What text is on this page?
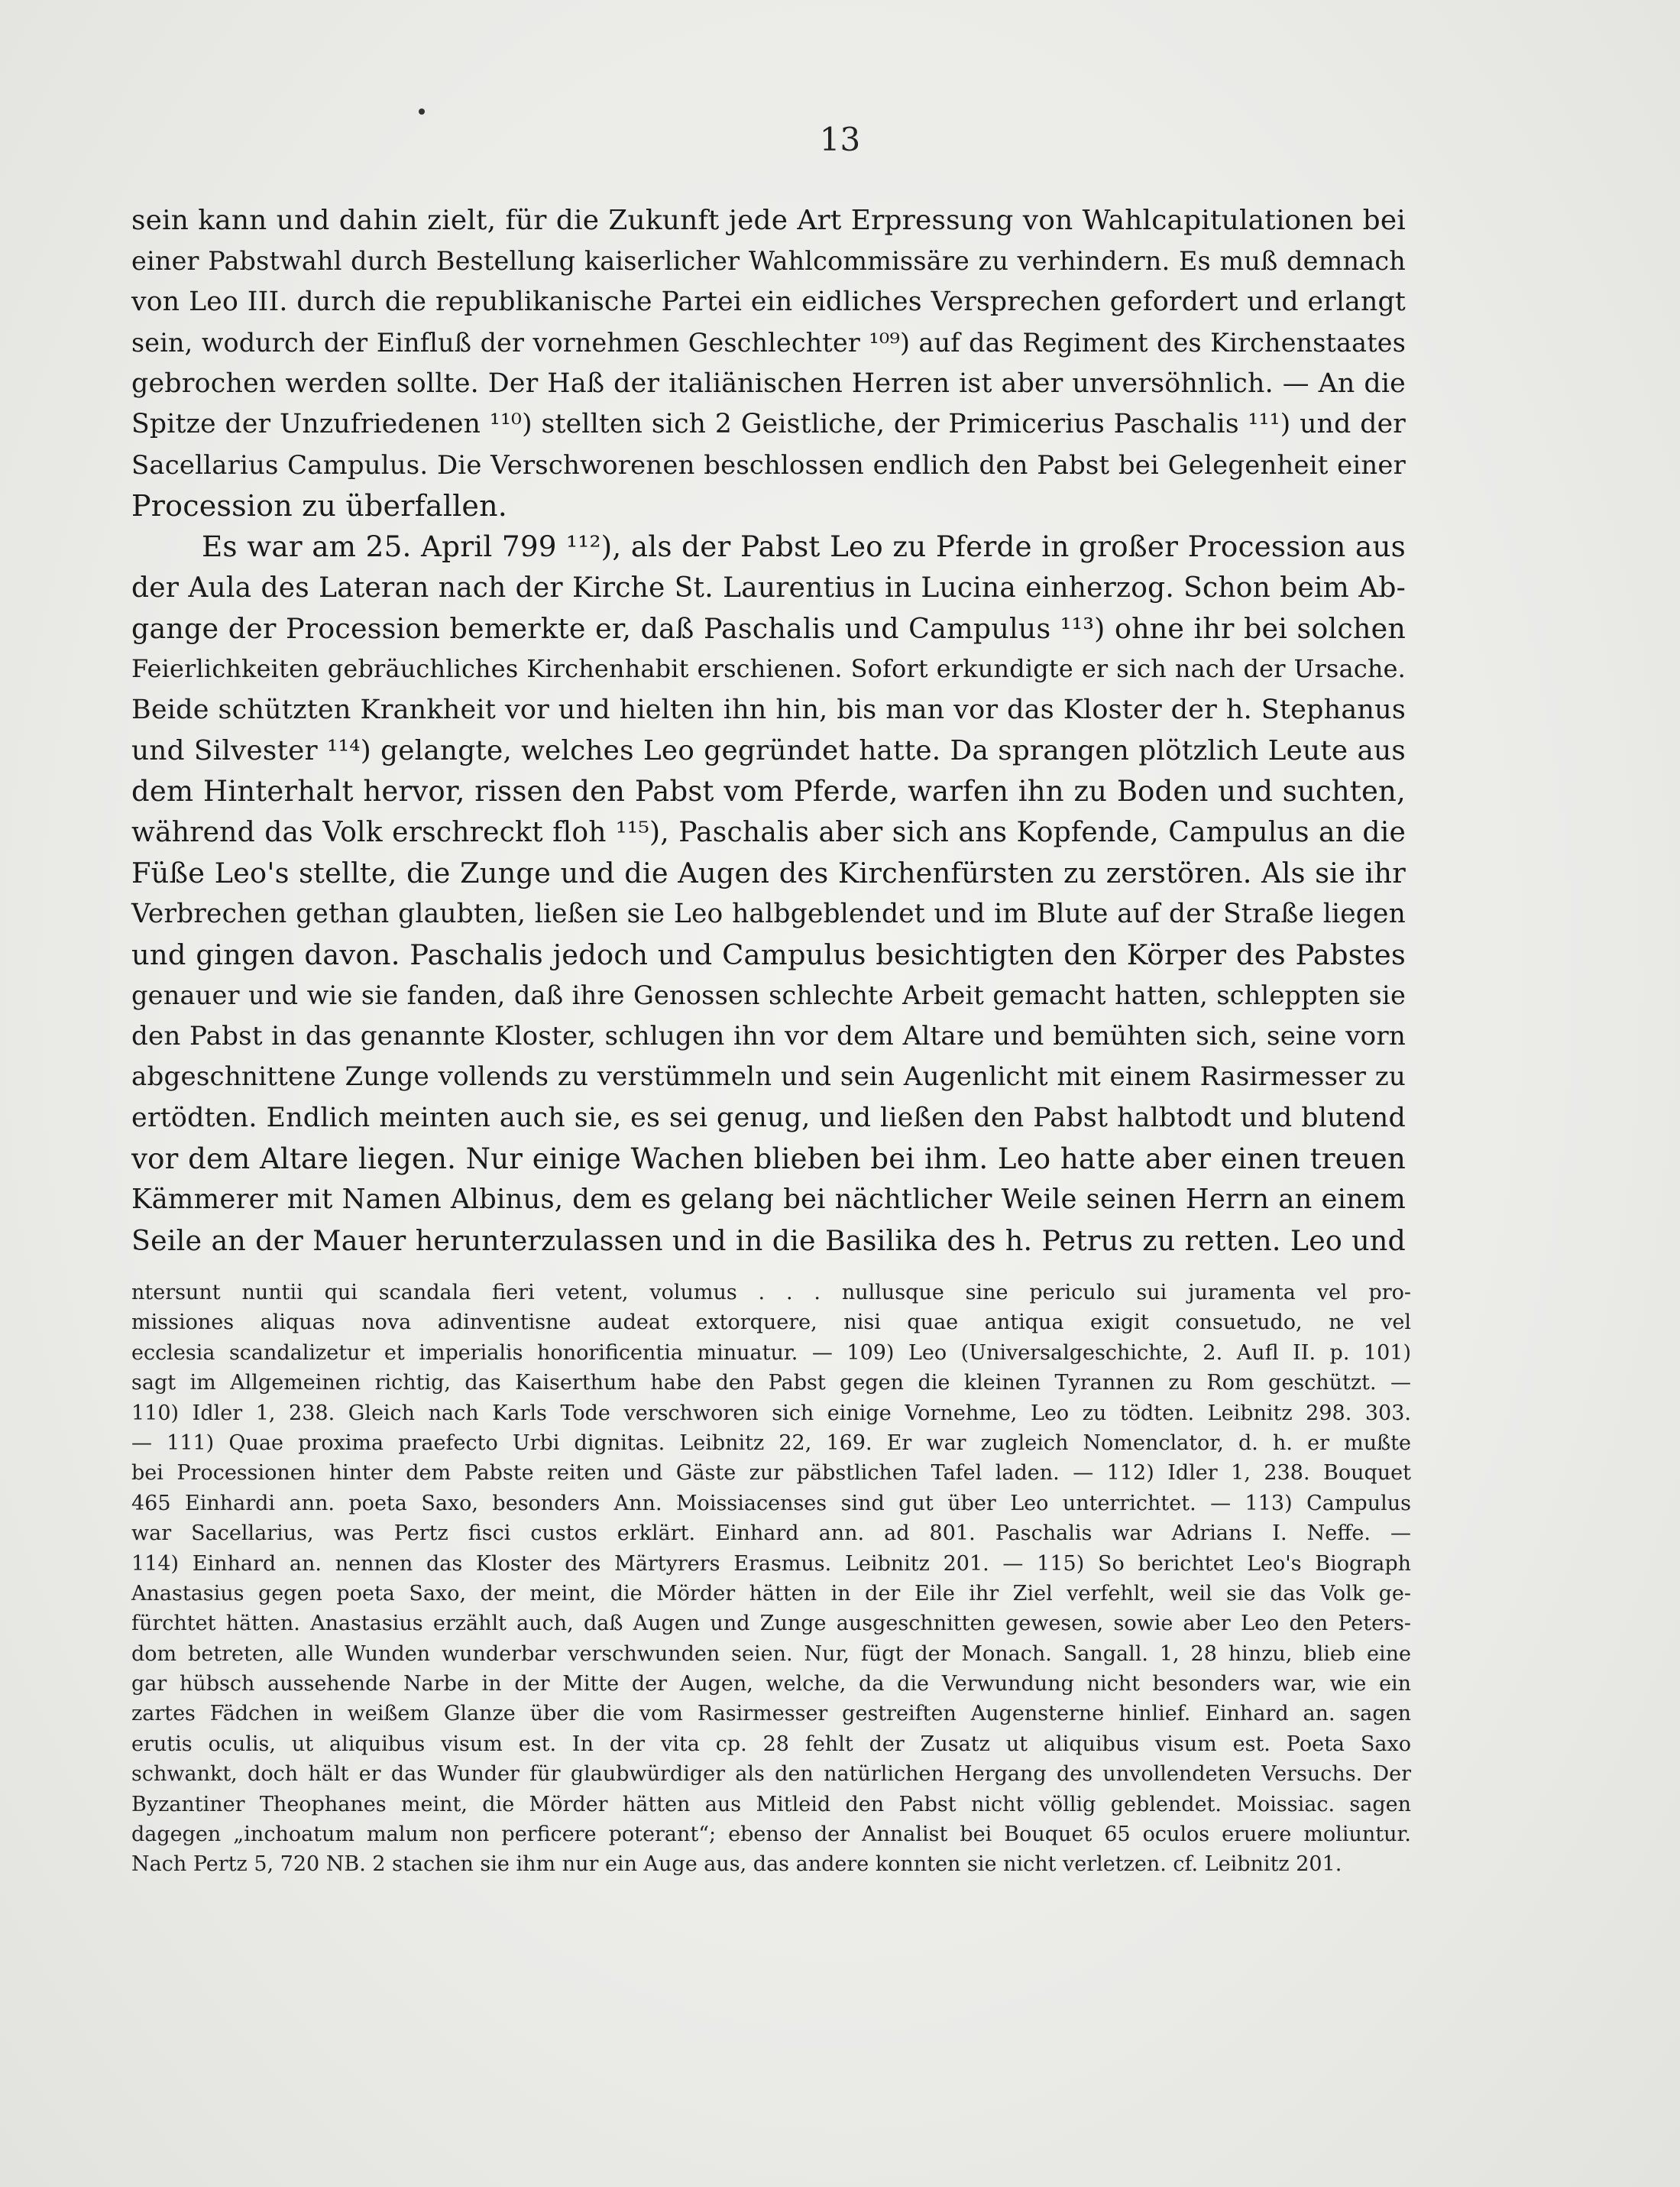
13
sein kann und dahin zielt, für die Zukunft jede Art Erpressung von Wahlcapitulationen bei
einer Pabstwahl durch Bestellung kaiserlicher Wahlcommissäre zu verhindern. Es muß demnach
von Leo III. durch die republikanische Partei ein eidliches Versprechen gefordert und erlangt
sein, wodurch der Einfluß der vornehmen Geschlechter ¹⁰⁹) auf das Regiment des Kirchenstaates
gebrochen werden sollte. Der Haß der italiänischen Herren ist aber unversöhnlich. — An die
Spitze der Unzufriedenen ¹¹⁰) stellten sich 2 Geistliche, der Primicerius Paschalis ¹¹¹) und der
Sacellarius Campulus. Die Verschworenen beschlossen endlich den Pabst bei Gelegenheit einer
Procession zu überfallen.
Es war am 25. April 799 ¹¹²), als der Pabst Leo zu Pferde in großer Procession aus
der Aula des Lateran nach der Kirche St. Laurentius in Lucina einherzog. Schon beim Ab-
gange der Procession bemerkte er, daß Paschalis und Campulus ¹¹³) ohne ihr bei solchen
Feierlichkeiten gebräuchliches Kirchenhabit erschienen. Sofort erkundigte er sich nach der Ursache.
Beide schützten Krankheit vor und hielten ihn hin, bis man vor das Kloster der h. Stephanus
und Silvester ¹¹⁴) gelangte, welches Leo gegründet hatte. Da sprangen plötzlich Leute aus
dem Hinterhalt hervor, rissen den Pabst vom Pferde, warfen ihn zu Boden und suchten,
während das Volk erschreckt floh ¹¹⁵), Paschalis aber sich ans Kopfende, Campulus an die
Füße Leo's stellte, die Zunge und die Augen des Kirchenfürsten zu zerstören. Als sie ihr
Verbrechen gethan glaubten, ließen sie Leo halbgeblendet und im Blute auf der Straße liegen
und gingen davon. Paschalis jedoch und Campulus besichtigten den Körper des Pabstes
genauer und wie sie fanden, daß ihre Genossen schlechte Arbeit gemacht hatten, schleppten sie
den Pabst in das genannte Kloster, schlugen ihn vor dem Altare und bemühten sich, seine vorn
abgeschnittene Zunge vollends zu verstümmeln und sein Augenlicht mit einem Rasirmesser zu
ertödten. Endlich meinten auch sie, es sei genug, und ließen den Pabst halbtodt und blutend
vor dem Altare liegen. Nur einige Wachen blieben bei ihm. Leo hatte aber einen treuen
Kämmerer mit Namen Albinus, dem es gelang bei nächtlicher Weile seinen Herrn an einem
Seile an der Mauer herunterzulassen und in die Basilika des h. Petrus zu retten. Leo und
ntersunt nuntii qui scandala fieri vetent, volumus . . . nullusque sine periculo sui juramenta vel pro-
missiones aliquas nova adinventisne audeat extorquere, nisi quae antiqua exigit consuetudo, ne vel
ecclesia scandalizetur et imperialis honorificentia minuatur. — 109) Leo (Universalgeschichte, 2. Aufl II. p. 101)
sagt im Allgemeinen richtig, das Kaiserthum habe den Pabst gegen die kleinen Tyrannen zu Rom geschützt. —
110) Idler 1, 238. Gleich nach Karls Tode verschworen sich einige Vornehme, Leo zu tödten. Leibnitz 298. 303.
— 111) Quae proxima praefecto Urbi dignitas. Leibnitz 22, 169. Er war zugleich Nomenclator, d. h. er mußte
bei Processionen hinter dem Pabste reiten und Gäste zur päbstlichen Tafel laden. — 112) Idler 1, 238. Bouquet
465 Einhardi ann. poeta Saxo, besonders Ann. Moissiacenses sind gut über Leo unterrichtet. — 113) Campulus
war Sacellarius, was Pertz fisci custos erklärt. Einhard ann. ad 801. Paschalis war Adrians I. Neffe. —
114) Einhard an. nennen das Kloster des Märtyrers Erasmus. Leibnitz 201. — 115) So berichtet Leo's Biograph
Anastasius gegen poeta Saxo, der meint, die Mörder hätten in der Eile ihr Ziel verfehlt, weil sie das Volk ge-
fürchtet hätten. Anastasius erzählt auch, daß Augen und Zunge ausgeschnitten gewesen, sowie aber Leo den Peters-
dom betreten, alle Wunden wunderbar verschwunden seien. Nur, fügt der Monach. Sangall. 1, 28 hinzu, blieb eine
gar hübsch aussehende Narbe in der Mitte der Augen, welche, da die Verwundung nicht besonders war, wie ein
zartes Fädchen in weißem Glanze über die vom Rasirmesser gestreiften Augensterne hinlief. Einhard an. sagen
erutis oculis, ut aliquibus visum est. In der vita cp. 28 fehlt der Zusatz ut aliquibus visum est. Poeta Saxo
schwankt, doch hält er das Wunder für glaubwürdiger als den natürlichen Hergang des unvollendeten Versuchs. Der
Byzantiner Theophanes meint, die Mörder hätten aus Mitleid den Pabst nicht völlig geblendet. Moissiac. sagen
dagegen „inchoatum malum non perficere poterant“; ebenso der Annalist bei Bouquet 65 oculos eruere moliuntur.
Nach Pertz 5, 720 NB. 2 stachen sie ihm nur ein Auge aus, das andere konnten sie nicht verletzen. cf. Leibnitz 201.
